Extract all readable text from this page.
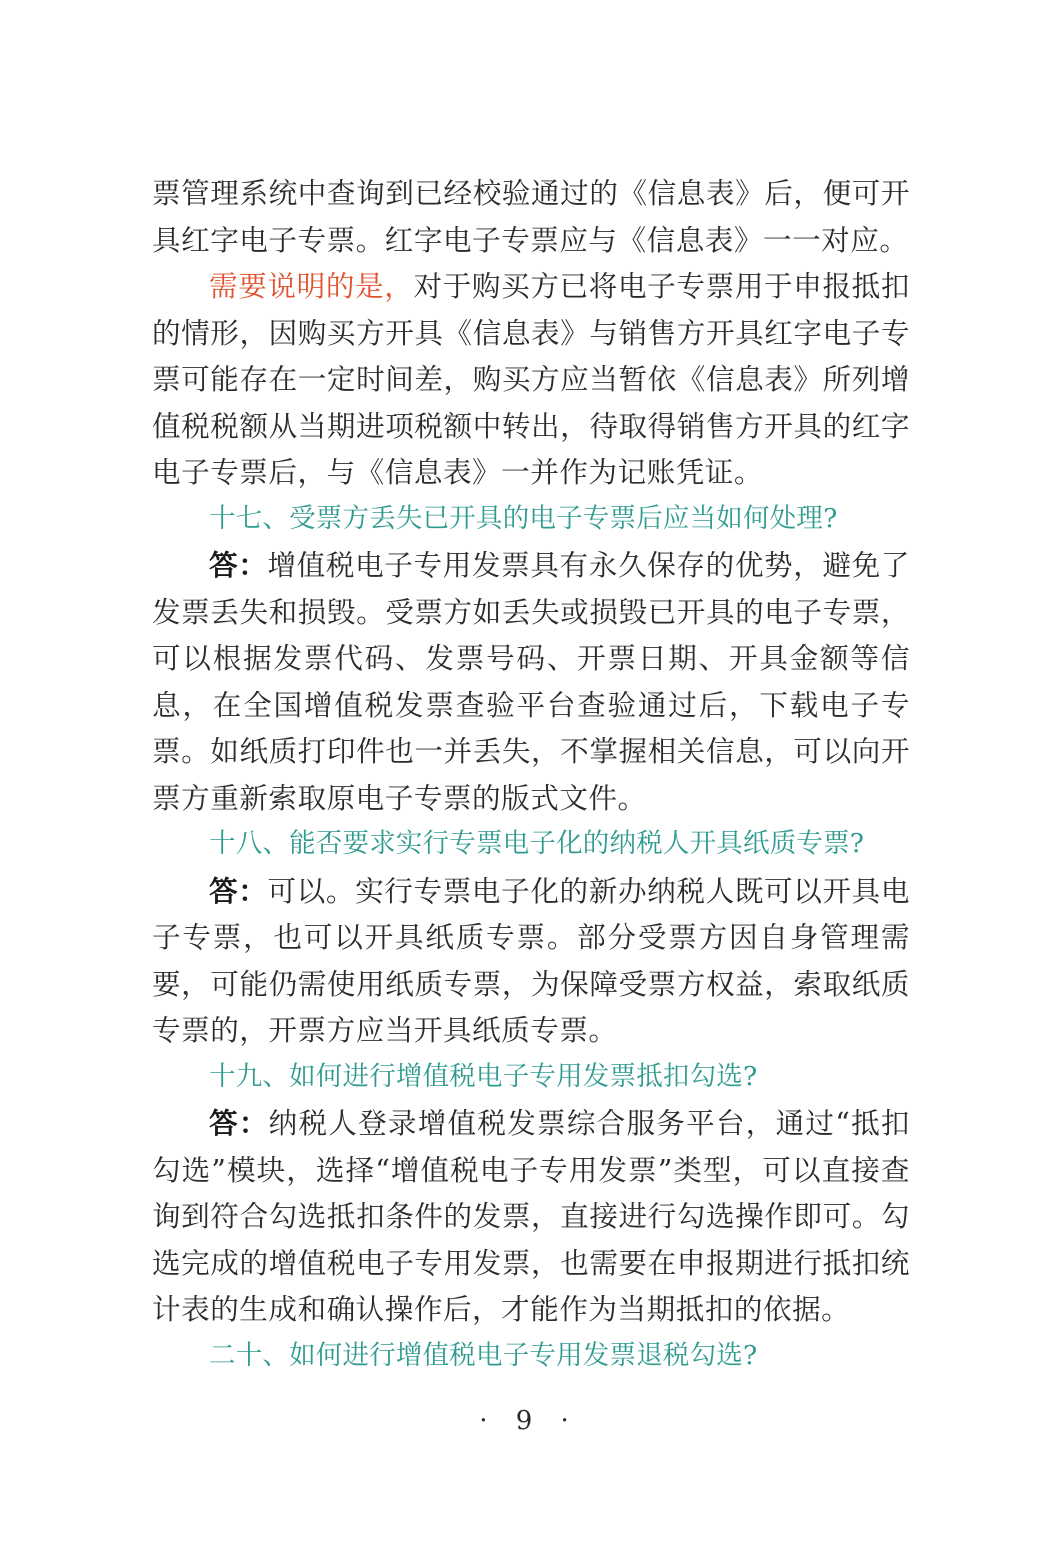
票管理系统中查询到已经校验通过的《信息表》后，便可开具红字电子专票。红字电子专票应与《信息表》一一对应。

需要说明的是，对于购买方已将电子专票用于申报抵扣的情形，因购买方开具《信息表》与销售方开具红字电子专票可能存在一定时间差，购买方应当暂依《信息表》所列增值税税额从当期进项税额中转出，待取得销售方开具的红字电子专票后，与《信息表》一并作为记账凭证。

十七、受票方丢失已开具的电子专票后应当如何处理?

答：增值税电子专用发票具有永久保存的优势，避免了发票丢失和损毁。受票方如丢失或损毁已开具的电子专票，可以根据发票代码、发票号码、开票日期、开具金额等信息，在全国增值税发票查验平台查验通过后，下载电子专票。如纸质打印件也一并丢失，不掌握相关信息，可以向开票方重新索取原电子专票的版式文件。

十八、能否要求实行专票电子化的纳税人开具纸质专票?

答：可以。实行专票电子化的新办纳税人既可以开具电子专票，也可以开具纸质专票。部分受票方因自身管理需要，可能仍需使用纸质专票，为保障受票方权益，索取纸质专票的，开票方应当开具纸质专票。

十九、如何进行增值税电子专用发票抵扣勾选?

答：纳税人登录增值税发票综合服务平台，通过“抵扣勾选”模块，选择“增值税电子专用发票”类型，可以直接查询到符合勾选抵扣条件的发票，直接进行勾选操作即可。勾选完成的增值税电子专用发票，也需要在申报期进行抵扣统计表的生成和确认操作后，才能作为当期抵扣的依据。

二十、如何进行增值税电子专用发票退税勾选?

· 9 ·
